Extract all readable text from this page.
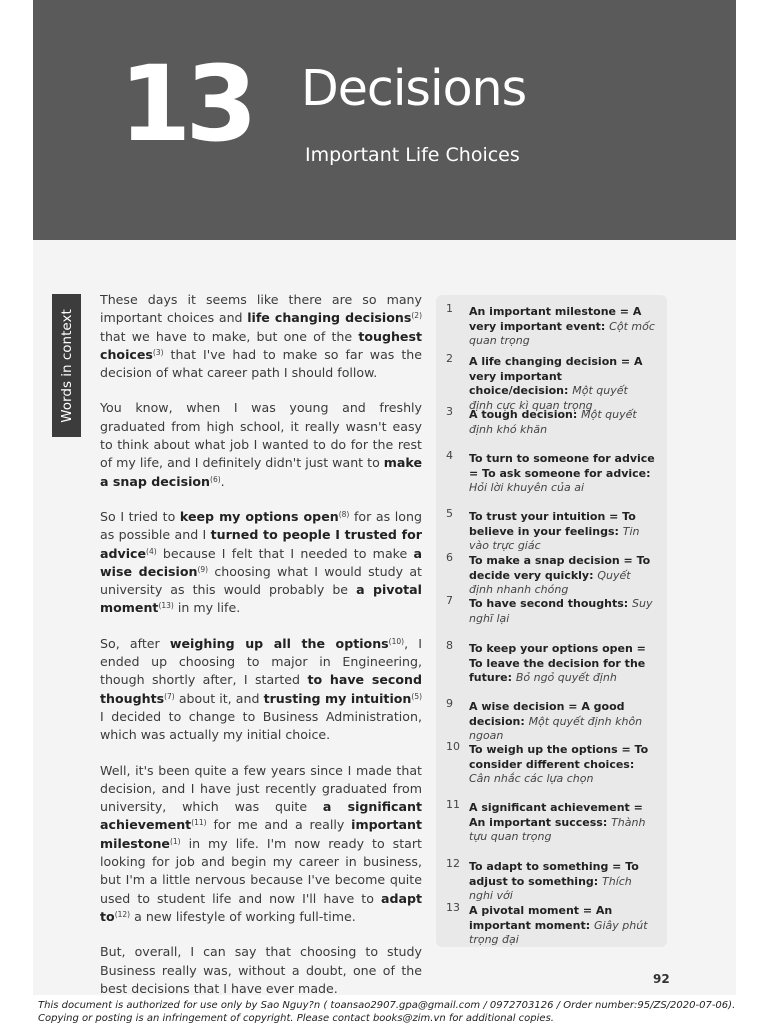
13 Decisions
Important Life Choices
Words in context

These days it seems like there are so many important choices and life changing decisions$^{(2)}$ that we have to make, but one of the toughest choices$^{(3)}$ that I've had to make so far was the decision of what career path I should follow.

You know, when I was young and freshly graduated from high school, it really wasn't easy to think about what job I wanted to do for the rest of my life, and I definitely didn't just want to make a snap decision$^{(6)}$.

So I tried to keep my options open$^{(8)}$ for as long as possible and I turned to people I trusted for advice$^{(4)}$ because I felt that I needed to make a wise decision$^{(9)}$ choosing what I would study at university as this would probably be a pivotal moment$^{(13)}$ in my life.

So, after weighing up all the options$^{(10)}$, I ended up choosing to major in Engineering, though shortly after, I started to have second thoughts$^{(7)}$ about it, and trusting my intuition$^{(5)}$ I decided to change to Business Administration, which was actually my initial choice.

Well, it's been quite a few years since I made that decision, and I have just recently graduated from university, which was quite a significant achievement$^{(11)}$ for me and a really important milestone$^{(1)}$ in my life. I'm now ready to start looking for job and begin my career in business, but I'm a little nervous because I've become quite used to student life and now I'll have to adapt $to^{(12)}$ a new lifestyle of working full-time.

But, overall, I can say that choosing to study Business really was, without a doubt, one of the best decisions that I have ever made.

1 An important milestone = A very important event: Cột mốc quan trọng
2 A life changing decision = A very important choice/decision: Một quyết định cực kì quan trọng
3 A tough decision: Một quyết định khó khăn
4 To turn to someone for advice = To ask someone for advice: Hỏi lời khuyên của ai
5 To trust your intuition = To believe in your feelings: Tin vào trực giác
6 To make a snap decision = To decide very quickly: Quyết định nhanh chóng
7 To have second thoughts: Suy nghĩ lại
8 To keep your options open = To leave the decision for the future: Bỏ ngỏ quyết định
9 A wise decision = A good decision: Một quyết định khôn ngoan
10 To weigh up the options = To consider different choices: Cân nhắc các lựa chọn
11 A significant achievement = An important success: Thành tựu quan trọng
12 To adapt to something = To adjust to something: Thích nghi với
13 A pivotal moment = An important moment: Giây phút trọng đại
92
This document is authorized for use only by Sao Nguy?n ( toansao2907.gpa@gmail.com / 0972703126 / Order number:95/ZS/2020-07-06).
Copying or posting is an infringement of copyright. Please contact books@zim.vn for additional copies.
